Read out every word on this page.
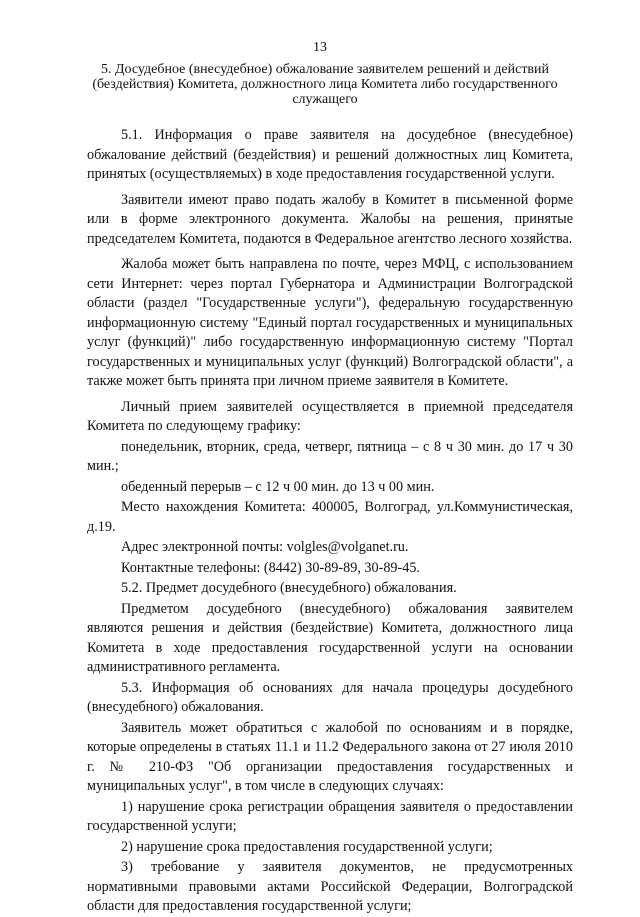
13
5. Досудебное (внесудебное) обжалование заявителем решений и действий (бездействия) Комитета, должностного лица Комитета либо государственного служащего

5.1. Информация о праве заявителя на досудебное (внесудебное) обжалование действий (бездействия) и решений должностных лиц Комитета, принятых (осуществляемых) в ходе предоставления государственной услуги.

Заявители имеют право подать жалобу в Комитет в письменной форме или в форме электронного документа. Жалобы на решения, принятые председателем Комитета, подаются в Федеральное агентство лесного хозяйства.

Жалоба может быть направлена по почте, через МФЦ, с использованием сети Интернет: через портал Губернатора и Администрации Волгоградской области (раздел "Государственные услуги"), федеральную государственную информационную систему "Единый портал государственных и муниципальных услуг (функций)" либо государственную информационную систему "Портал государственных и муниципальных услуг (функций) Волгоградской области", а также может быть принята при личном приеме заявителя в Комитете.

Личный прием заявителей осуществляется в приемной председателя Комитета по следующему графику:

понедельник, вторник, среда, четверг, пятница – с 8 ч 30 мин. до 17 ч 30 мин.;

обеденный перерыв – с 12 ч 00 мин. до 13 ч 00 мин.

Место нахождения Комитета: 400005, Волгоград, ул.Коммунистическая, д.19.

Адрес электронной почты: volgles@volganet.ru.

Контактные телефоны: (8442) 30-89-89, 30-89-45.

5.2. Предмет досудебного (внесудебного) обжалования.

Предметом досудебного (внесудебного) обжалования заявителем являются решения и действия (бездействие) Комитета, должностного лица Комитета в ходе предоставления государственной услуги на основании административного регламента.

5.3. Информация об основаниях для начала процедуры досудебного (внесудебного) обжалования.

Заявитель может обратиться с жалобой по основаниям и в порядке, которые определены в статьях 11.1 и 11.2 Федерального закона от 27 июля 2010 г. № 210-ФЗ "Об организации предоставления государственных и муниципальных услуг", в том числе в следующих случаях:

1) нарушение срока регистрации обращения заявителя о предоставлении государственной услуги;

2) нарушение срока предоставления государственной услуги;

3) требование у заявителя документов, не предусмотренных нормативными правовыми актами Российской Федерации, Волгоградской области для предоставления государственной услуги;
